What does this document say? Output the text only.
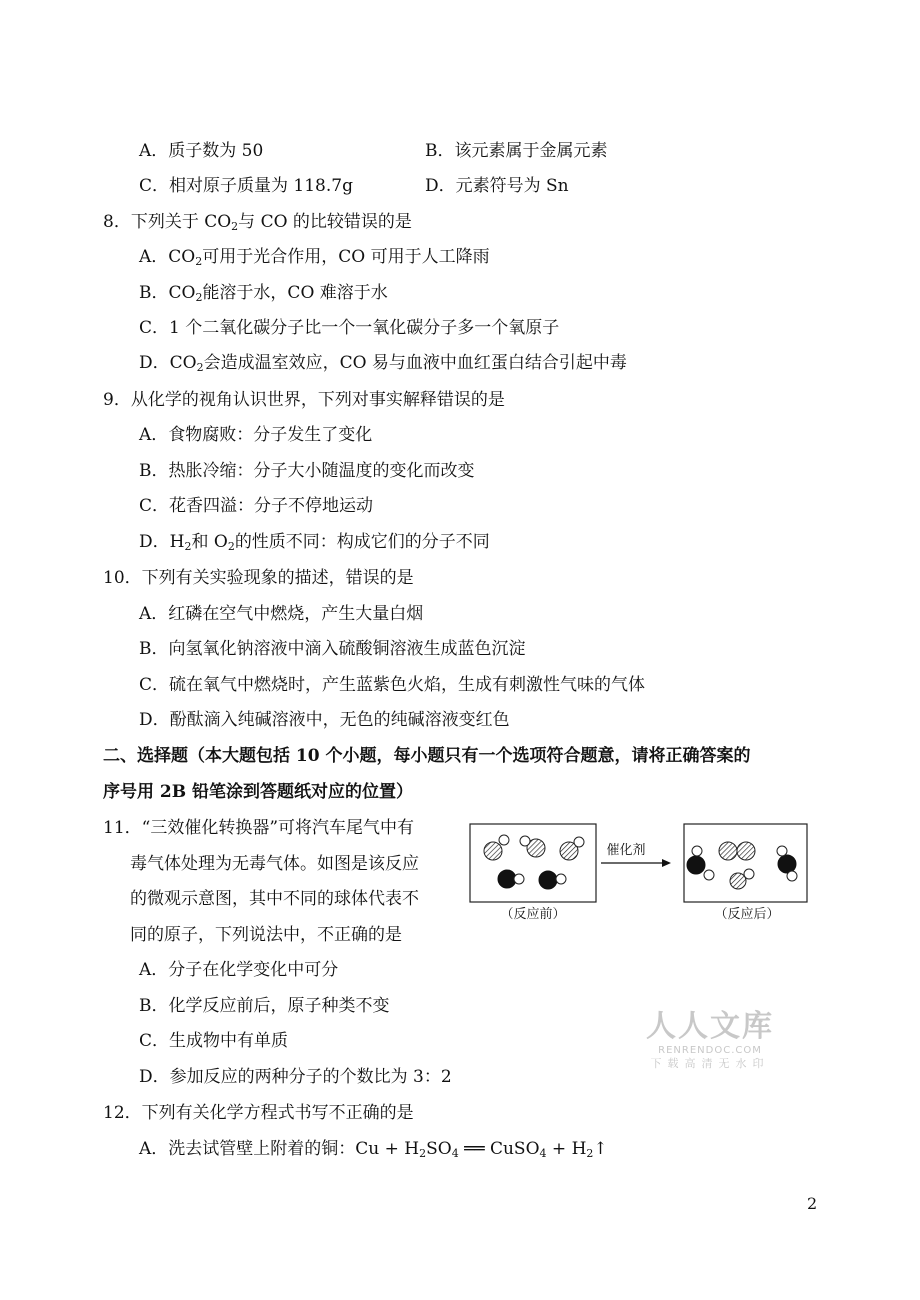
A．质子数为 50	B．该元素属于金属元素
C．相对原子质量为 118.7g	D．元素符号为 Sn
8．下列关于 $CO_2$与 CO 的比较错误的是
A．$CO_2$可用于光合作用，CO 可用于人工降雨
B．$CO_2$能溶于水，CO 难溶于水
C．1 个二氧化碳分子比一个一氧化碳分子多一个氧原子
D．$CO_2$会造成温室效应，CO 易与血液中血红蛋白结合引起中毒
9．从化学的视角认识世界，下列对事实解释错误的是
A．食物腐败：分子发生了变化
B．热胀冷缩：分子大小随温度的变化而改变
C．花香四溢：分子不停地运动
D．$H_2$和 $O_2$的性质不同：构成它们的分子不同
10．下列有关实验现象的描述，错误的是
A．红磷在空气中燃烧，产生大量白烟
B．向氢氧化钠溶液中滴入硫酸铜溶液生成蓝色沉淀
C．硫在氧气中燃烧时，产生蓝紫色火焰，生成有刺激性气味的气体
D．酚酞滴入纯碱溶液中，无色的纯碱溶液变红色
二、选择题（本大题包括 10 个小题，每小题只有一个选项符合题意，请将正确答案的
序号用 2B 铅笔涂到答题纸对应的位置）
11．“三效催化转换器”可将汽车尾气中有
毒气体处理为无毒气体。如图是该反应
的微观示意图，其中不同的球体代表不
同的原子，下列说法中，不正确的是
A．分子在化学变化中可分
B．化学反应前后，原子种类不变
C．生成物中有单质
D．参加反应的两种分子的个数比为 3：2
（反应前）
催化剂
（反应后）
人人文库
RENRENDOC.COM
下载高清无水印
12．下列有关化学方程式书写不正确的是
A．洗去试管壁上附着的铜：$Cu + H_2SO_4$ ══ CuSO$_4$ + $H_2↑$
2
